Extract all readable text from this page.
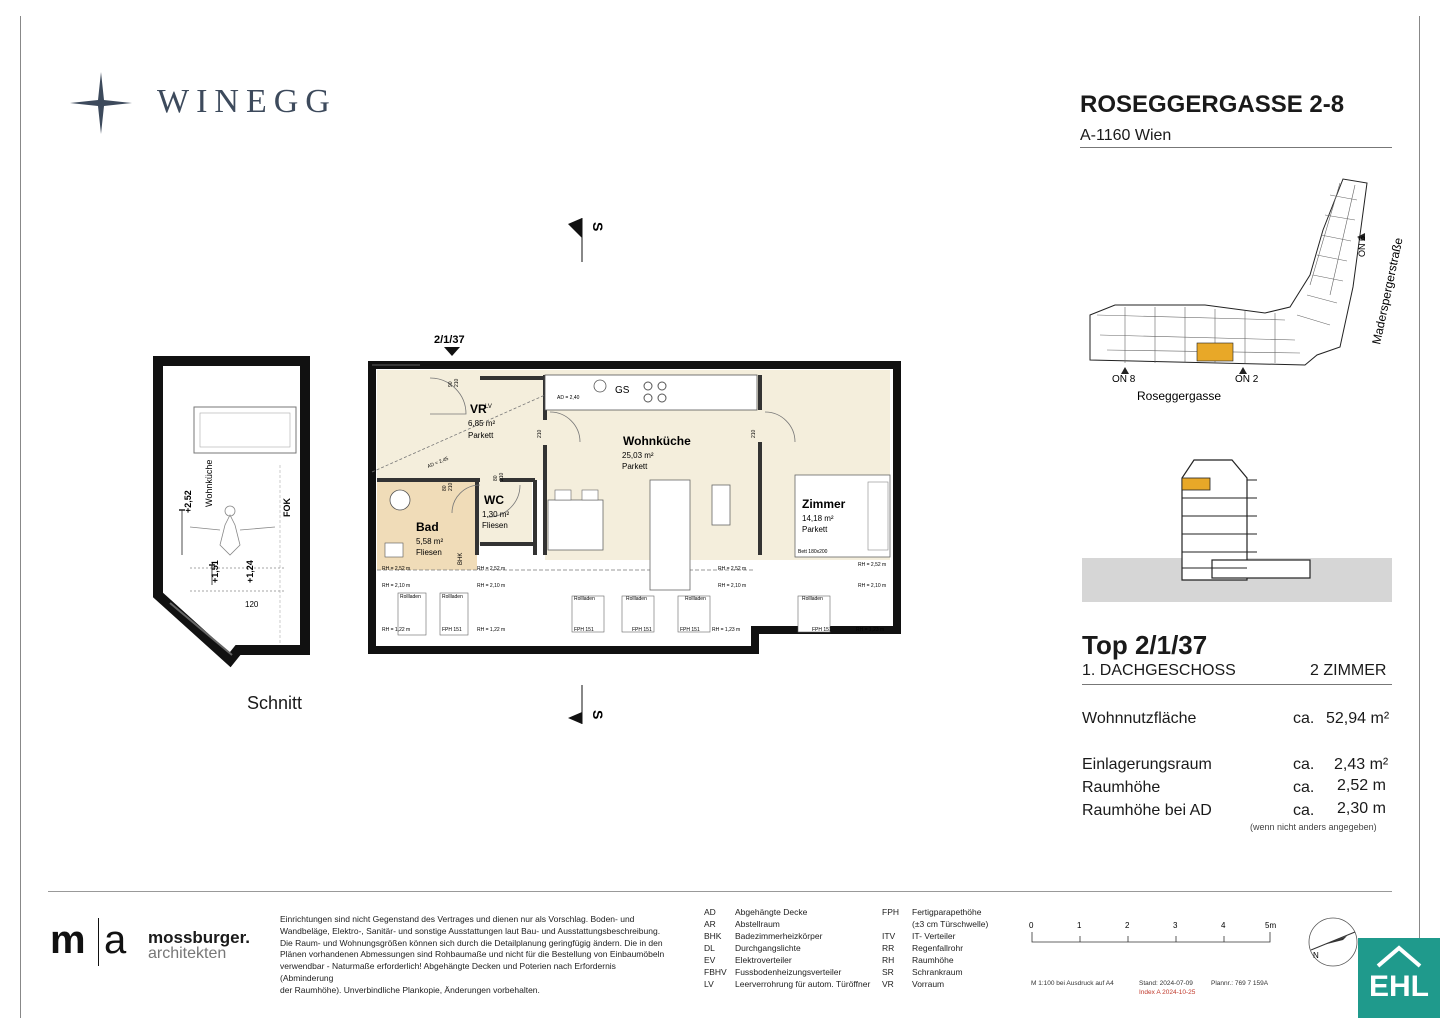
WINEGG	ROSEGGERGASSE 2-8
A-1160 Wien
ON 8	ON 2
Roseggergasse
ON 6 Maderspergerstraße
Top 2/1/37
1. DACHGESCHOSS	2 ZIMMER
Wohnnutzfläche	ca. 52,94 m²
Einlagerungsraum	ca. 2,43 m²
Raumhöhe	ca. 2,52 m
Raumhöhe bei AD	ca. 2,30 m
(wenn nicht anders angegeben)
Wohnküche
+2,52
+1,51	+1,24
FOK
120
Schnitt
S
S
2/1/37
GS
Bett 180x200
VR
6,85 m²
Parkett	Wohnküche
25,03 m²
Parkett
Zimmer
14,18 m²
Parkett
Bad
5,58 m²
Fliesen
WC
1,30 m²
Fliesen
BHK
LV
AD = 2,40
AD = 2,45
RH = 2,52 m
RH = 2,10 m
RH = 2,52 m
RH = 2,10 m
RH = 2,52 m
RH = 2,10 m
RH = 2,52 m
RH = 2,10 m
RH = 1,22 m	RH = 1,22 m	RH = 1,23 m	RH = 1,23 m
FPH 151	FPH 151	FPH 151	FPH 151	FPH 151
Rollladen	Rollladen	Rollladen	Rollladen	Rollladen	Rollladen
90 210
80 210
80 210
210	210
m a mossburger.
architekten
Einrichtungen sind nicht Gegenstand des Vertrages und dienen nur als Vorschlag. Boden- und
Wandbeläge, Elektro-, Sanitär- und sonstige Ausstattungen laut Bau- und Ausstattungsbeschreibung.
Die Raum- und Wohnungsgrößen können sich durch die Detailplanung geringfügig ändern. Die in den
Plänen vorhandenen Abmessungen sind Rohbaumaße und nicht für die Bestellung von Einbaumöbeln
verwendbar - Naturmaße erforderlich! Abgehängte Decken und Poterien nach Erfordernis (Abminderung
der Raumhöhe). Unverbindliche Plankopie, Änderungen vorbehalten.
AD Abgehängte Decke
AR Abstellraum
BHK Badezimmerheizkörper
DL Durchgangslichte
EV Elektroverteiler
FBHV Fussbodenheizungsverteiler
LV Leerverrohrung für autom. Türöffner
FPH Fertigparapethöhe
(±3 cm Türschwelle)
ITV IT- Verteiler
RR Regenfallrohr
RH Raumhöhe
SR Schrankraum
VR Vorraum
0	1	2	3	4	5m
M 1:100 bei Ausdruck auf A4	Stand: 2024-07-09
Index A 2024-10-25
Plannr.: 769 7 159A
N
EHL
